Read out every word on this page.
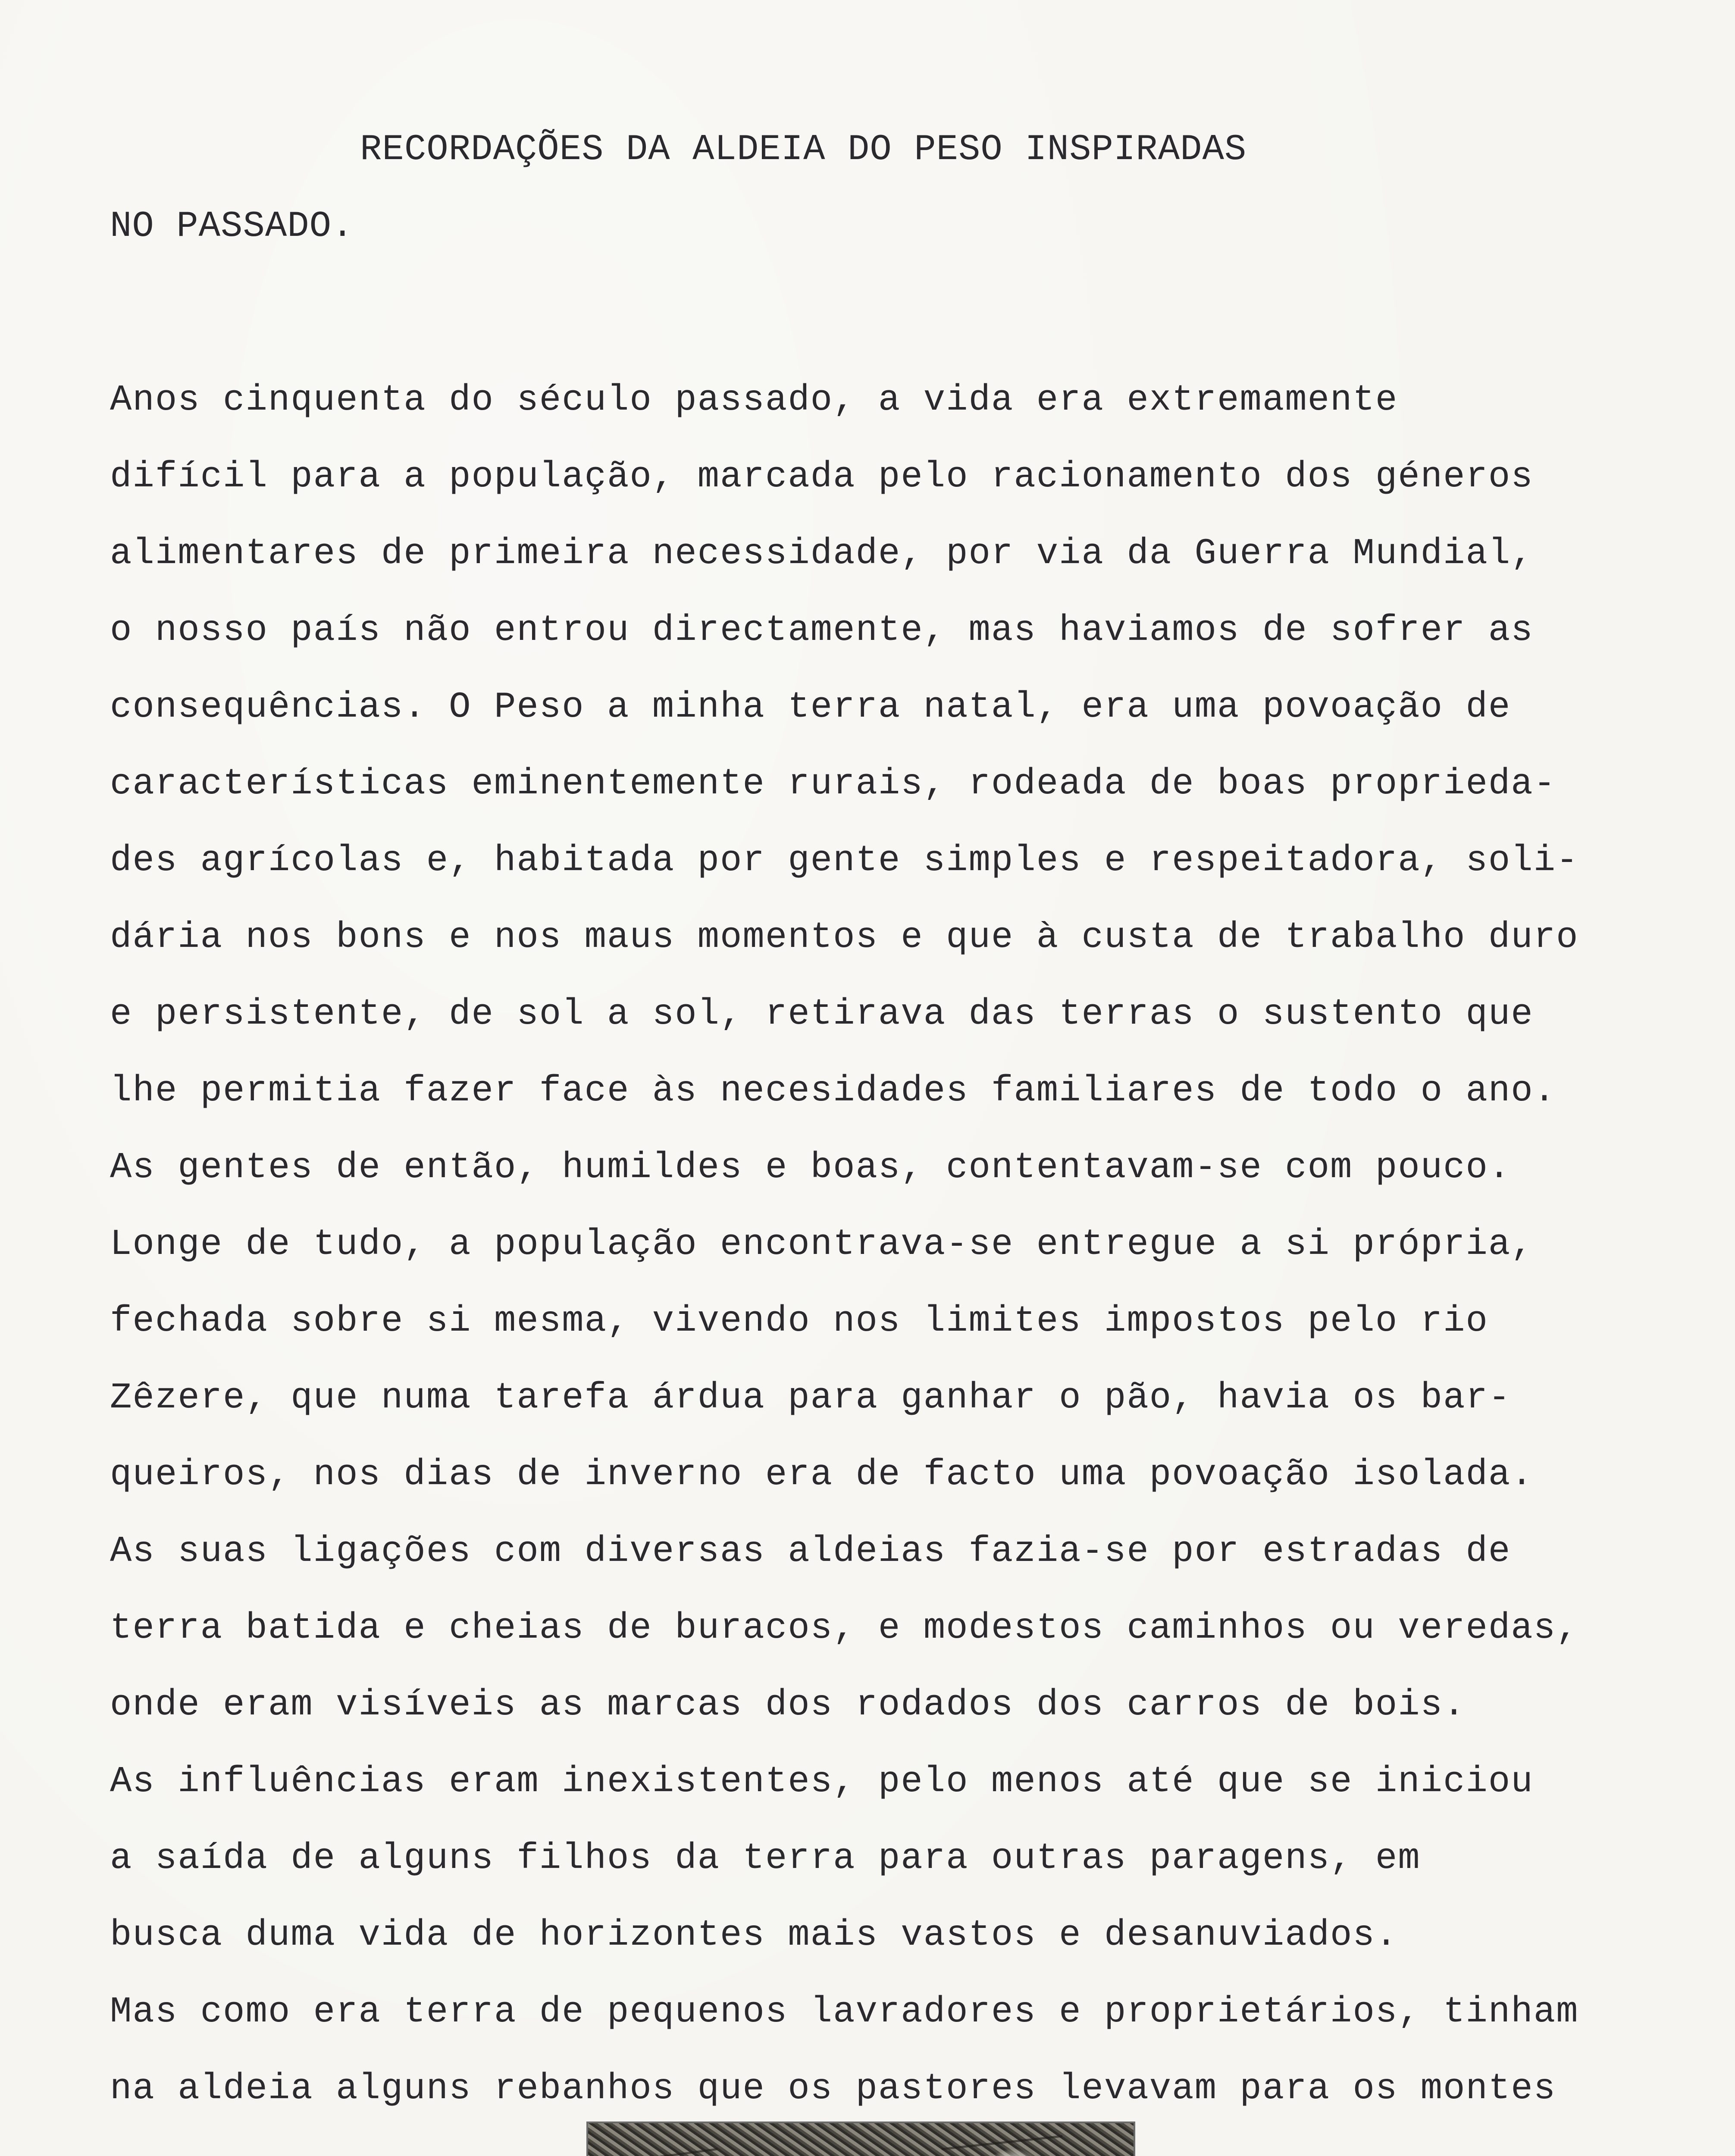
RECORDAÇÕES DA ALDEIA DO PESO INSPIRADAS
NO PASSADO.
Anos cinquenta do século passado, a vida era extremamente
difícil para a população, marcada pelo racionamento dos géneros
alimentares de primeira necessidade, por via da Guerra Mundial,
o nosso país não entrou directamente, mas haviamos de sofrer as
consequências. O Peso a minha terra natal, era uma povoação de
características eminentemente rurais, rodeada de boas proprieda-
des agrícolas e, habitada por gente simples e respeitadora, soli-
dária nos bons e nos maus momentos e que à custa de trabalho duro
e persistente, de sol a sol, retirava das terras o sustento que
lhe permitia fazer face às necesidades familiares de todo o ano.
As gentes de então, humildes e boas, contentavam-se com pouco.
Longe de tudo, a população encontrava-se entregue a si própria,
fechada sobre si mesma, vivendo nos limites impostos pelo rio
Zêzere, que numa tarefa árdua para ganhar o pão, havia os bar-
queiros, nos dias de inverno era de facto uma povoação isolada.
As suas ligações com diversas aldeias fazia-se por estradas de
terra batida e cheias de buracos, e modestos caminhos ou veredas,
onde eram visíveis as marcas dos rodados dos carros de bois.
As influências eram inexistentes, pelo menos até que se iniciou
a saída de alguns filhos da terra para outras paragens, em
busca duma vida de horizontes mais vastos e desanuviados.
Mas como era terra de pequenos lavradores e proprietários, tinham
na aldeia alguns rebanhos que os pastores levavam para os montes
